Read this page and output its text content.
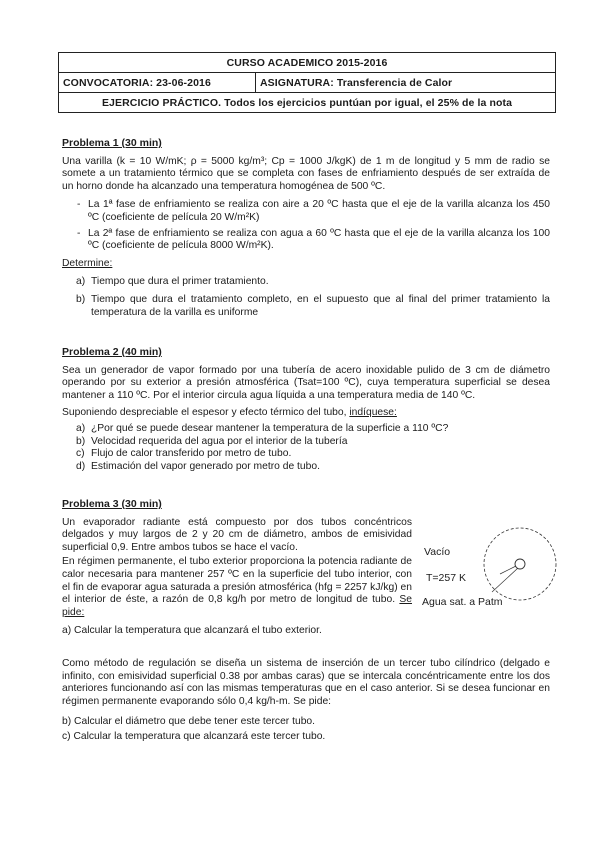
CURSO ACADEMICO 2015-2016
CONVOCATORIA: 23-06-2016	ASIGNATURA: Transferencia de Calor
EJERCICIO PRÁCTICO. Todos los ejercicios puntúan por igual, el 25% de la nota

Problema 1 (30 min)

Una varilla (k = 10 W/mK; ρ = 5000 kg/m³; Cp = 1000 J/kgK) de 1 m de longitud y 5 mm de radio se somete a un tratamiento térmico que se completa con fases de enfriamiento después de ser extraída de un horno donde ha alcanzado una temperatura homogénea de 500 ºC.

- La 1ª fase de enfriamiento se realiza con aire a 20 ºC hasta que el eje de la varilla alcanza los 450 ºC (coeficiente de película 20 W/m²K)
- La 2ª fase de enfriamiento se realiza con agua a 60 ºC hasta que el eje de la varilla alcanza los 100 ºC (coeficiente de película 8000 W/m²K).

Determine:

a) Tiempo que dura el primer tratamiento.
b) Tiempo que dura el tratamiento completo, en el supuesto que al final del primer tratamiento la temperatura de la varilla es uniforme

Problema 2 (40 min)

Sea un generador de vapor formado por una tubería de acero inoxidable pulido de 3 cm de diámetro operando por su exterior a presión atmosférica (Tsat=100 ºC), cuya temperatura superficial se desea mantener a 110 ºC. Por el interior circula agua líquida a una temperatura media de 140 ºC.

Suponiendo despreciable el espesor y efecto térmico del tubo, indíquese:

a) ¿Por qué se puede desear mantener la temperatura de la superficie a 110 ºC?
b) Velocidad requerida del agua por el interior de la tubería
c) Flujo de calor transferido por metro de tubo.
d) Estimación del vapor generado por metro de tubo.

Problema 3 (30 min)

Un evaporador radiante está compuesto por dos tubos concéntricos delgados y muy largos de 2 y 20 cm de diámetro, ambos de emisividad superficial 0,9. Entre ambos tubos se hace el vacío.

En régimen permanente, el tubo exterior proporciona la potencia radiante de calor necesaria para mantener 257 ºC en la superficie del tubo interior, con el fin de evaporar agua saturada a presión atmosférica (hfg = 2257 kJ/kg) en el interior de éste, a razón de 0,8 kg/h por metro de longitud de tubo. Se pide:

a) Calcular la temperatura que alcanzará el tubo exterior.

Como método de regulación se diseña un sistema de inserción de un tercer tubo cilíndrico (delgado e infinito, con emisividad superficial 0.38 por ambas caras) que se intercala concéntricamente entre los dos anteriores funcionando así con las mismas temperaturas que en el caso anterior. Si se desea funcionar en régimen permanente evaporando sólo 0,4 kg/h-m. Se pide:

b) Calcular el diámetro que debe tener este tercer tubo.

c) Calcular la temperatura que alcanzará este tercer tubo.

Vacío
T=257 K
Agua sat. a Patm
